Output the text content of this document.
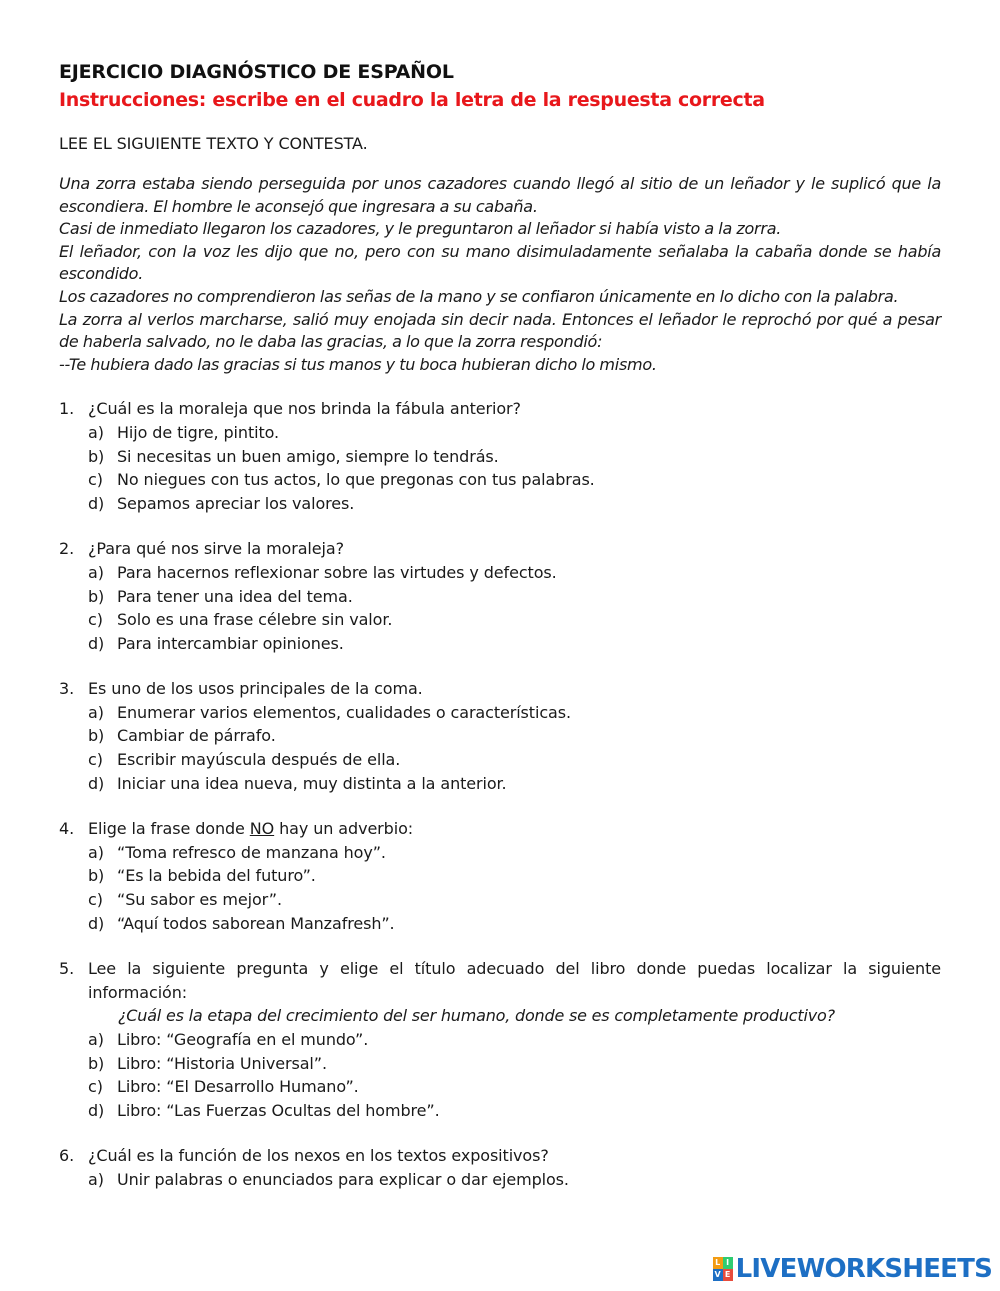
EJERCICIO DIAGNÓSTICO DE ESPAÑOL
Instrucciones: escribe en el cuadro la letra de la respuesta correcta

LEE EL SIGUIENTE TEXTO Y CONTESTA.

Una zorra estaba siendo perseguida por unos cazadores cuando llegó al sitio de un leñador y le suplicó que la escondiera. El hombre le aconsejó que ingresara a su cabaña.

Casi de inmediato llegaron los cazadores, y le preguntaron al leñador si había visto a la zorra.

El leñador, con la voz les dijo que no, pero con su mano disimuladamente señalaba la cabaña donde se había escondido.

Los cazadores no comprendieron las señas de la mano y se confiaron únicamente en lo dicho con la palabra.

La zorra al verlos marcharse, salió muy enojada sin decir nada. Entonces el leñador le reprochó por qué a pesar de haberla salvado, no le daba las gracias, a lo que la zorra respondió:

--Te hubiera dado las gracias si tus manos y tu boca hubieran dicho lo mismo.

1. ¿Cuál es la moraleja que nos brinda la fábula anterior?
a) Hijo de tigre, pintito.
b) Si necesitas un buen amigo, siempre lo tendrás.
c) No niegues con tus actos, lo que pregonas con tus palabras.
d) Sepamos apreciar los valores.
2. ¿Para qué nos sirve la moraleja?
a) Para hacernos reflexionar sobre las virtudes y defectos.
b) Para tener una idea del tema.
c) Solo es una frase célebre sin valor.
d) Para intercambiar opiniones.
3. Es uno de los usos principales de la coma.
a) Enumerar varios elementos, cualidades o características.
b) Cambiar de párrafo.
c) Escribir mayúscula después de ella.
d) Iniciar una idea nueva, muy distinta a la anterior.
4. Elige la frase donde NO hay un adverbio:
a) “Toma refresco de manzana hoy”.
b) “Es la bebida del futuro”.
c) “Su sabor es mejor”.
d) “Aquí todos saborean Manzafresh”.
5. Lee la siguiente pregunta y elige el título adecuado del libro donde puedas localizar la siguiente información:
¿Cuál es la etapa del crecimiento del ser humano, donde se es completamente productivo?
a) Libro: “Geografía en el mundo”.
b) Libro: “Historia Universal”.
c) Libro: “El Desarrollo Humano”.
d) Libro: “Las Fuerzas Ocultas del hombre”.
6. ¿Cuál es la función de los nexos en los textos expositivos?
a) Unir palabras o enunciados para explicar o dar ejemplos.
L I
V E LIVEWORKSHEETS
